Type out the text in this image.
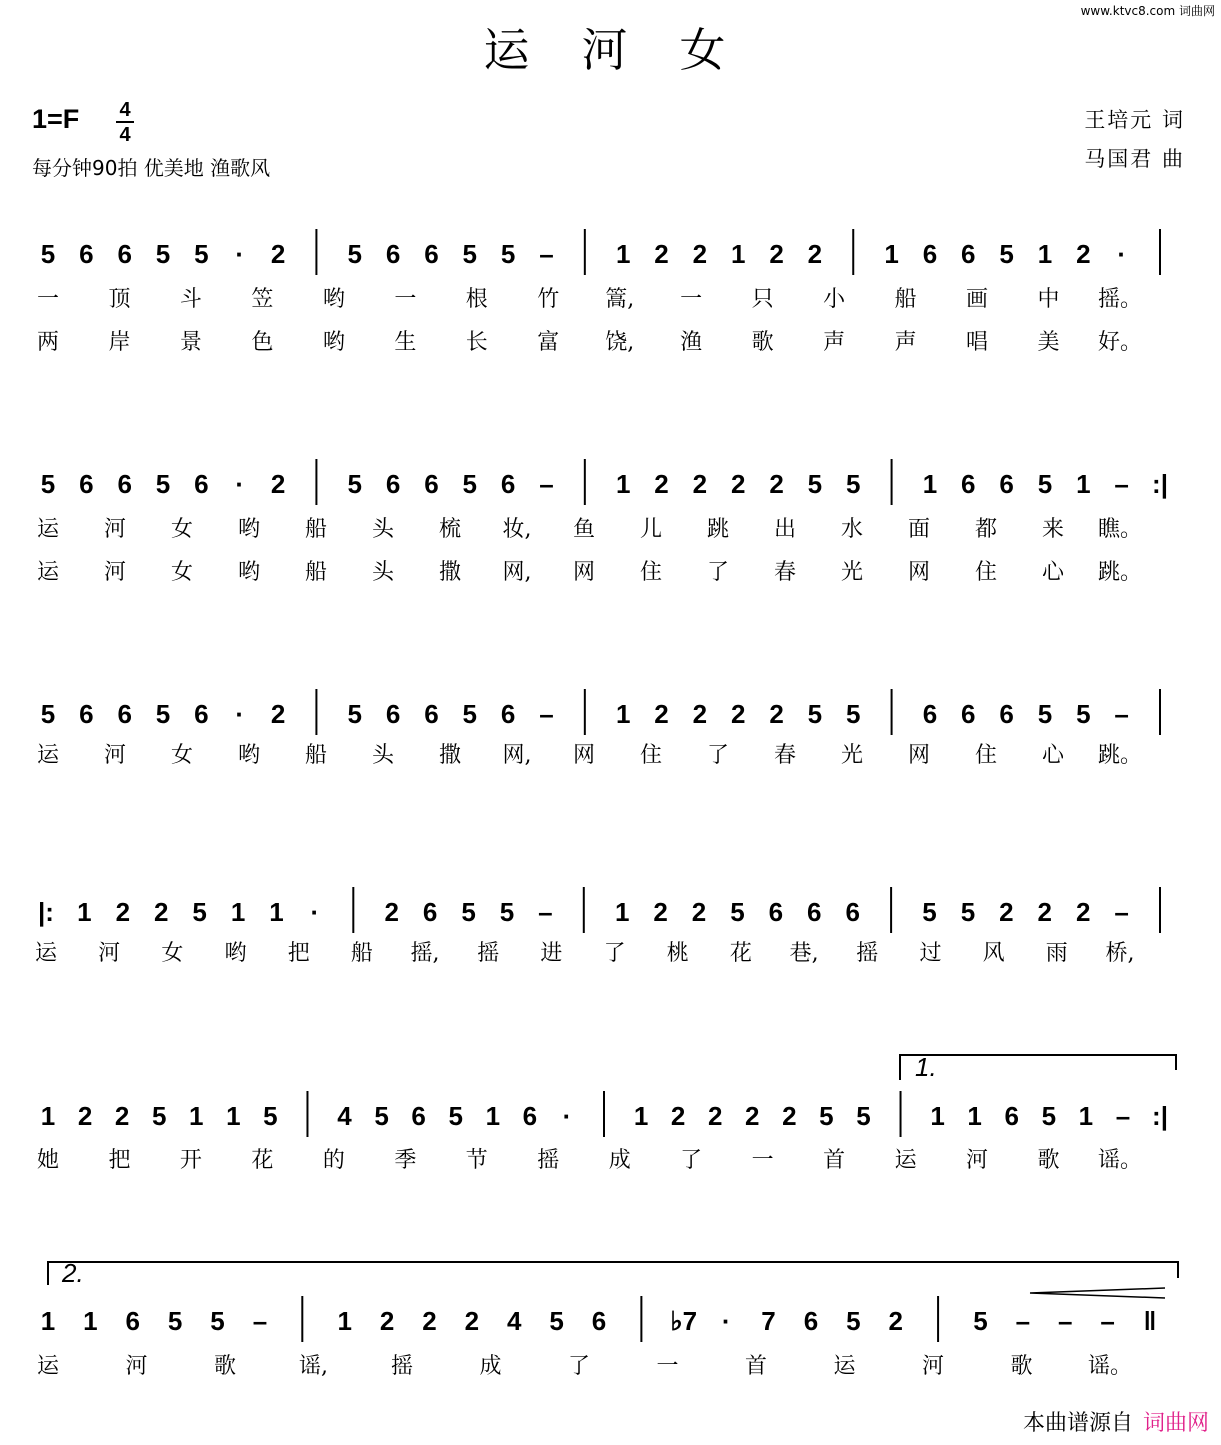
www.ktvc8.com 词曲网
运河女
1=F 4
4
每分钟90拍 优美地 渔歌风
王培元 词
马国君 曲
5 6 6 5 5 · 2 5 6 6 5 5 – 1 2 2 1 2 2 1 6 6 5 1 2 ·
5 6 6 5 6 · 2 5 6 6 5 6 – 1 2 2 2 2 5 5 1 6 6 5 1 – :|
5 6 6 5 6 · 2 5 6 6 5 6 – 1 2 2 2 2 5 5 6 6 6 5 5 –
|: 1 2 2 5 1 1 ·	2 6 5 5 – 1 2 2 5 6 6 6 5 5 2 2 2 –
1 2 2 5 1 1 5 4 5 6 5 1 6 · 1 2 2 2 2 5 5 1 1 6 5 1 – :|
1 1 6 5 5 –	1 2 2 2 4 5 6 ♭7 · 7 6 5 2	5 – – – ‖
1.
2.
一 顶 斗 笠 哟 一 根 竹 篙, 一 只 小 船 画 中 摇。
两 岸 景 色 哟 生 长 富 饶, 渔 歌 声 声 唱 美 好。
运 河 女 哟 船 头 梳 妆, 鱼 儿 跳 出 水 面 都 来 瞧。
运 河 女 哟 船 头 撒 网, 网 住 了 春 光 网 住 心 跳。
运 河 女 哟 船 头 撒 网, 网 住 了 春 光 网 住 心 跳。
运 河 女 哟 把 船 摇, 摇 进 了 桃 花 巷, 摇 过 风 雨 桥,
她 把 开 花 的 季 节 摇 成 了 一 首 运 河 歌 谣。
运	河	歌	谣,	摇	成	了	一	首	运	河	歌	谣。
本曲谱源自 词曲网
